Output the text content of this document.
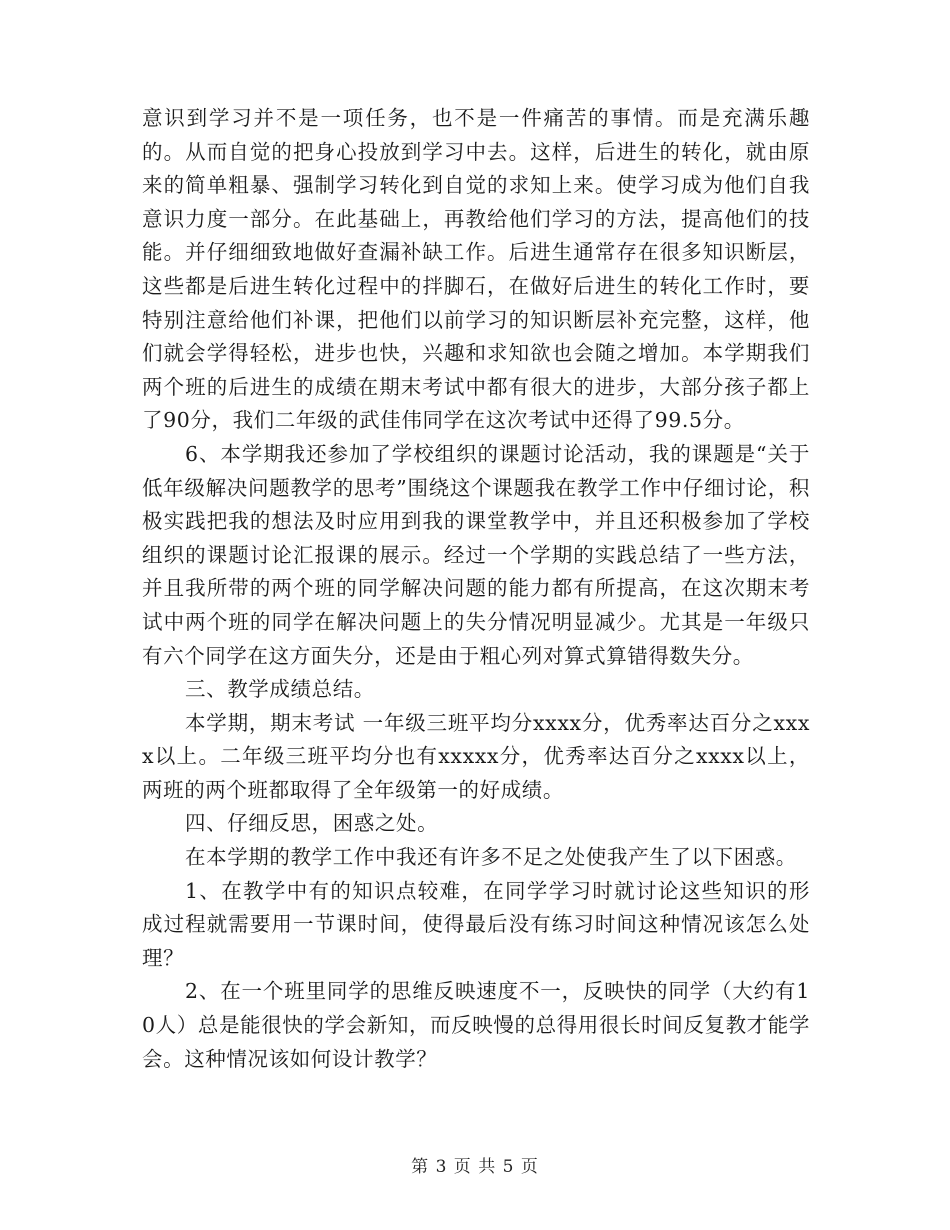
意识到学习并不是一项任务，也不是一件痛苦的事情。而是充满乐趣的。从而自觉的把身心投放到学习中去。这样，后进生的转化，就由原来的简单粗暴、强制学习转化到自觉的求知上来。使学习成为他们自我意识力度一部分。在此基础上，再教给他们学习的方法，提高他们的技能。并仔细细致地做好查漏补缺工作。后进生通常存在很多知识断层，这些都是后进生转化过程中的拌脚石，在做好后进生的转化工作时，要特别注意给他们补课，把他们以前学习的知识断层补充完整，这样，他们就会学得轻松，进步也快，兴趣和求知欲也会随之增加。本学期我们两个班的后进生的成绩在期末考试中都有很大的进步，大部分孩子都上了90分，我们二年级的武佳伟同学在这次考试中还得了99.5分。

6、本学期我还参加了学校组织的课题讨论活动，我的课题是“关于低年级解决问题教学的思考”围绕这个课题我在教学工作中仔细讨论，积极实践把我的想法及时应用到我的课堂教学中，并且还积极参加了学校组织的课题讨论汇报课的展示。经过一个学期的实践总结了一些方法，并且我所带的两个班的同学解决问题的能力都有所提高，在这次期末考试中两个班的同学在解决问题上的失分情况明显减少。尤其是一年级只有六个同学在这方面失分，还是由于粗心列对算式算错得数失分。

三、教学成绩总结。

本学期，期末考试 一年级三班平均分xxxx分，优秀率达百分之xxxx以上。二年级三班平均分也有xxxxx分，优秀率达百分之xxxx以上，两班的两个班都取得了全年级第一的好成绩。

四、仔细反思，困惑之处。

在本学期的教学工作中我还有许多不足之处使我产生了以下困惑。

1、在教学中有的知识点较难，在同学学习时就讨论这些知识的形成过程就需要用一节课时间，使得最后没有练习时间这种情况该怎么处理？

2、在一个班里同学的思维反映速度不一，反映快的同学（大约有10人）总是能很快的学会新知，而反映慢的总得用很长时间反复教才能学会。这种情况该如何设计教学？

第 3 页 共 5 页
